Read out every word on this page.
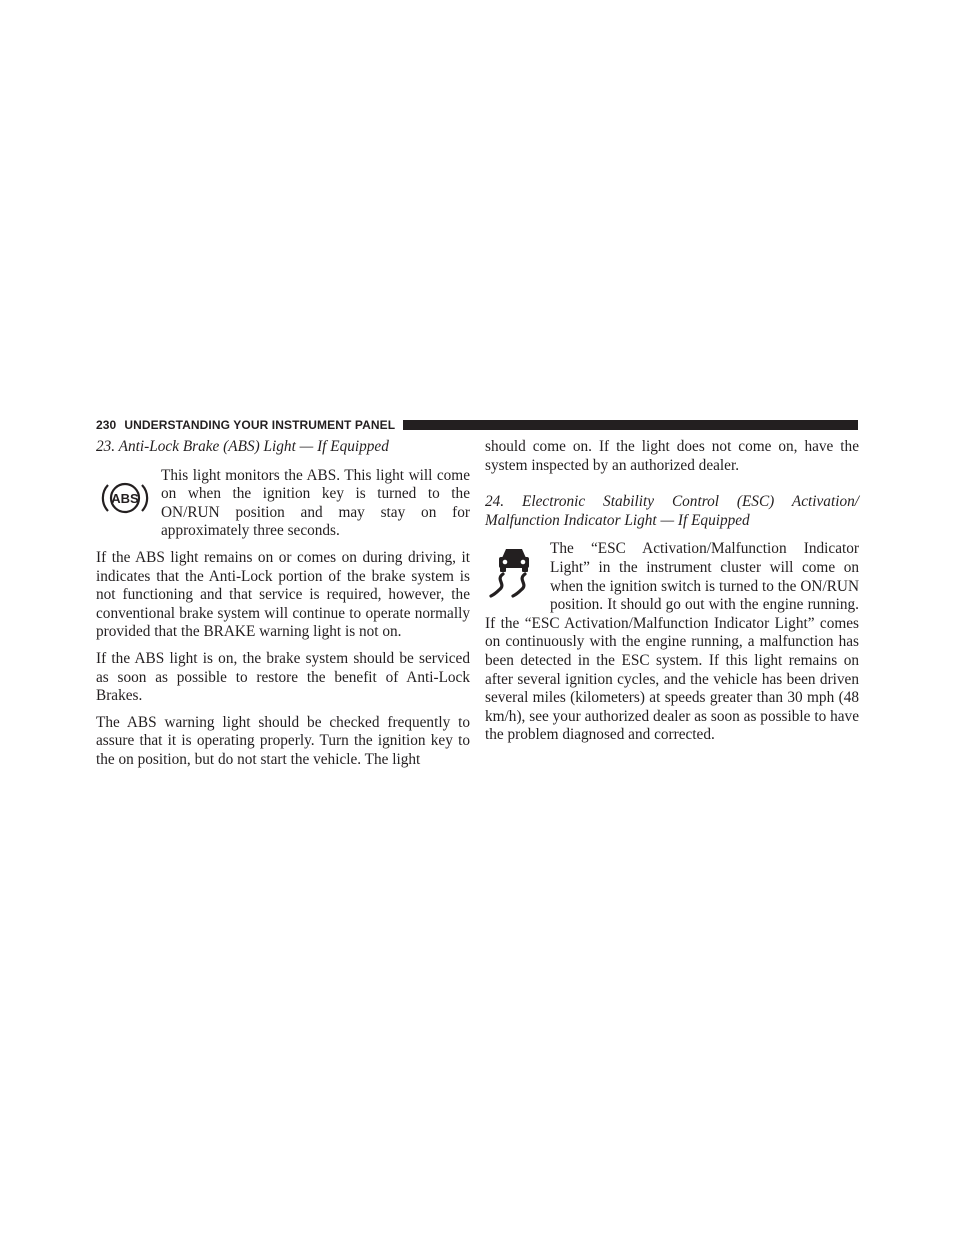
230 UNDERSTANDING YOUR INSTRUMENT PANEL
23. Anti-Lock Brake (ABS) Light — If Equipped
ABS

This light monitors the ABS. This light will come on when the ignition key is turned to the ON/RUN position and may stay on for approximately three seconds.

If the ABS light remains on or comes on during driving, it indicates that the Anti-Lock portion of the brake system is not functioning and that service is required, however, the conventional brake system will continue to operate normally provided that the BRAKE warning light is not on.

If the ABS light is on, the brake system should be serviced as soon as possible to restore the benefit of Anti-Lock Brakes.

The ABS warning light should be checked frequently to assure that it is operating properly. Turn the ignition key to the on position, but do not start the vehicle. The light

should come on. If the light does not come on, have the system inspected by an authorized dealer.

24. Electronic Stability Control (ESC) Activation/ Malfunction Indicator Light — If Equipped

The “ESC Activation/Malfunction Indicator Light” in the instrument cluster will come on when the ignition switch is turned to the ON/RUN position. It should go out with the engine running. If the “ESC Activation/Malfunction Indicator Light” comes on continuously with the engine running, a malfunction has been detected in the ESC system. If this light remains on after several ignition cycles, and the vehicle has been driven several miles (kilometers) at speeds greater than 30 mph (48 km/h), see your authorized dealer as soon as possible to have the problem diagnosed and corrected.
